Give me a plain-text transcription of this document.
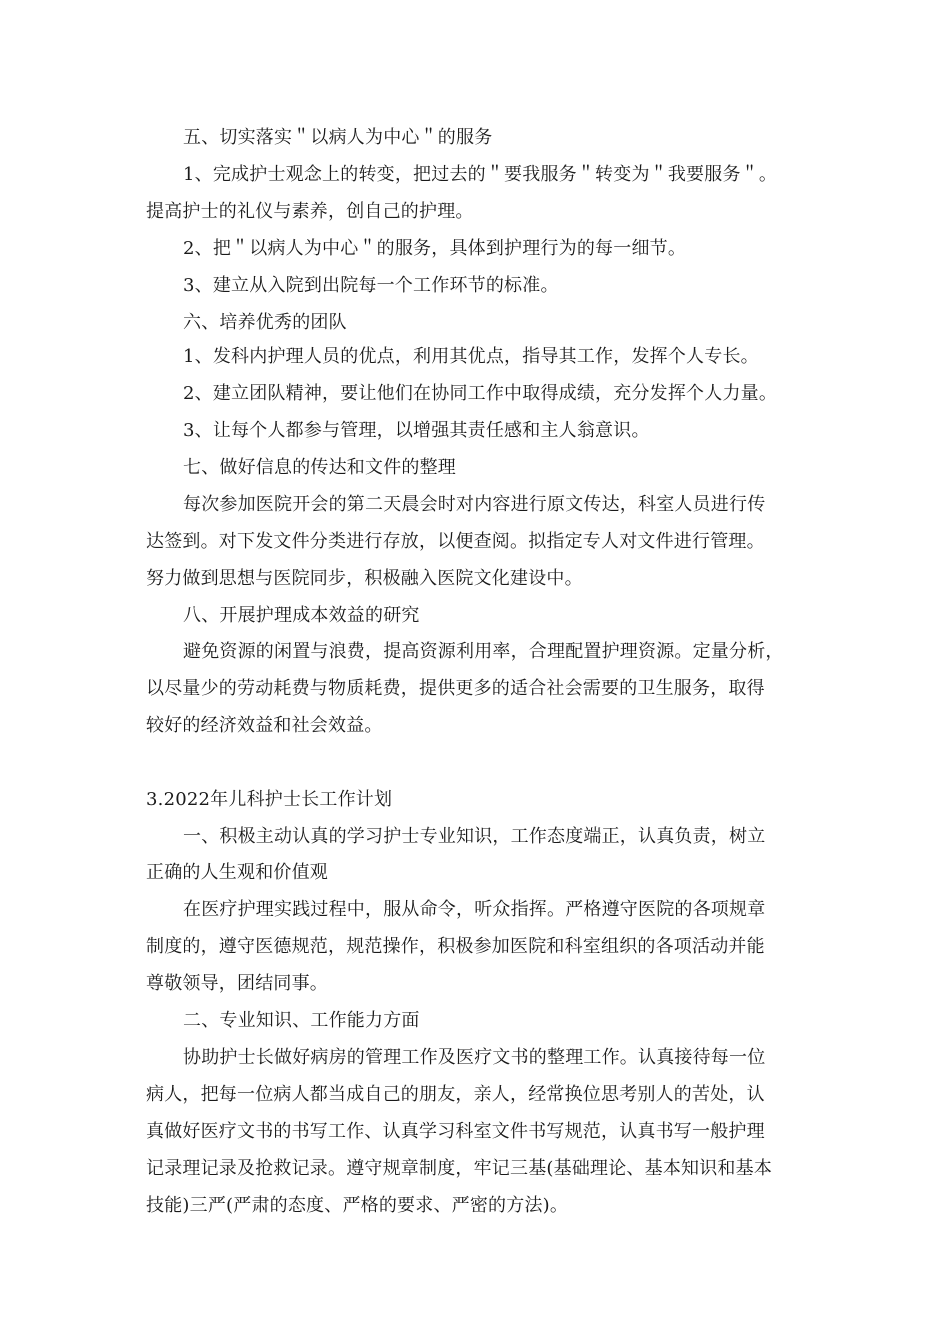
五、切实落实＂以病人为中心＂的服务
1、完成护士观念上的转变，把过去的＂要我服务＂转变为＂我要服务＂。
提高护士的礼仪与素养，创自己的护理。
2、把＂以病人为中心＂的服务，具体到护理行为的每一细节。
3、建立从入院到出院每一个工作环节的标准。
六、培养优秀的团队
1、发科内护理人员的优点，利用其优点，指导其工作，发挥个人专长。
2、建立团队精神，要让他们在协同工作中取得成绩，充分发挥个人力量。
3、让每个人都参与管理，以增强其责任感和主人翁意识。
七、做好信息的传达和文件的整理
每次参加医院开会的第二天晨会时对内容进行原文传达，科室人员进行传
达签到。对下发文件分类进行存放，以便查阅。拟指定专人对文件进行管理。
努力做到思想与医院同步，积极融入医院文化建设中。
八、开展护理成本效益的研究
避免资源的闲置与浪费，提高资源利用率，合理配置护理资源。定量分析，
以尽量少的劳动耗费与物质耗费，提供更多的适合社会需要的卫生服务，取得
较好的经济效益和社会效益。
3.2022年儿科护士长工作计划
一、积极主动认真的学习护士专业知识，工作态度端正，认真负责，树立
正确的人生观和价值观
在医疗护理实践过程中，服从命令，听众指挥。严格遵守医院的各项规章
制度的，遵守医德规范，规范操作，积极参加医院和科室组织的各项活动并能
尊敬领导，团结同事。
二、专业知识、工作能力方面
协助护士长做好病房的管理工作及医疗文书的整理工作。认真接待每一位
病人，把每一位病人都当成自己的朋友，亲人，经常换位思考别人的苦处，认
真做好医疗文书的书写工作、认真学习科室文件书写规范，认真书写一般护理
记录理记录及抢救记录。遵守规章制度，牢记三基(基础理论、基本知识和基本
技能)三严(严肃的态度、严格的要求、严密的方法)。
